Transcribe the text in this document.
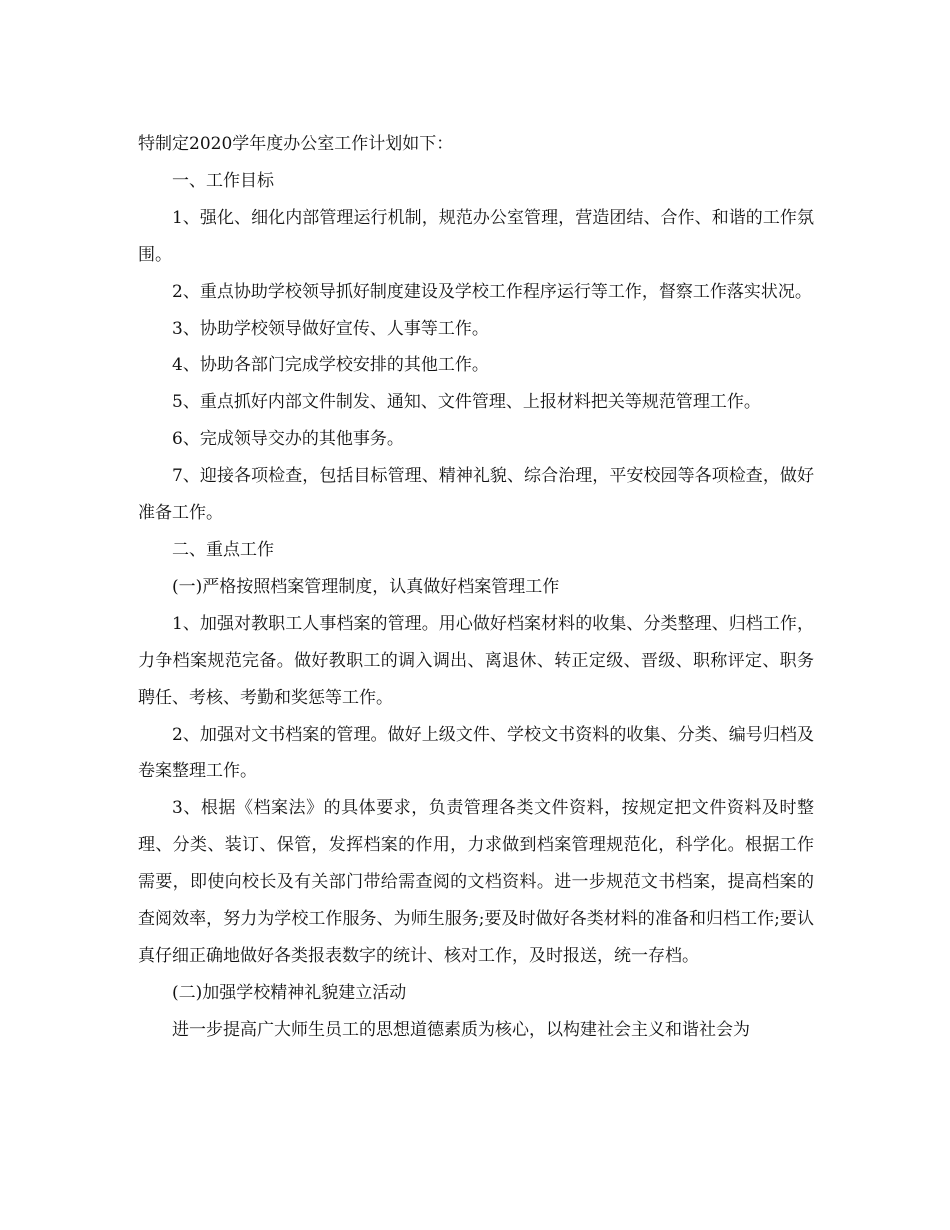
特制定2020学年度办公室工作计划如下：

一、工作目标

1、强化、细化内部管理运行机制，规范办公室管理，营造团结、合作、和谐的工作氛围。

2、重点协助学校领导抓好制度建设及学校工作程序运行等工作，督察工作落实状况。

3、协助学校领导做好宣传、人事等工作。

4、协助各部门完成学校安排的其他工作。

5、重点抓好内部文件制发、通知、文件管理、上报材料把关等规范管理工作。

6、完成领导交办的其他事务。

7、迎接各项检查，包括目标管理、精神礼貌、综合治理，平安校园等各项检查，做好准备工作。

二、重点工作

(一)严格按照档案管理制度，认真做好档案管理工作

1、加强对教职工人事档案的管理。用心做好档案材料的收集、分类整理、归档工作，力争档案规范完备。做好教职工的调入调出、离退休、转正定级、晋级、职称评定、职务聘任、考核、考勤和奖惩等工作。

2、加强对文书档案的管理。做好上级文件、学校文书资料的收集、分类、编号归档及卷案整理工作。

3、根据《档案法》的具体要求，负责管理各类文件资料，按规定把文件资料及时整理、分类、装订、保管，发挥档案的作用，力求做到档案管理规范化，科学化。根据工作需要，即使向校长及有关部门带给需查阅的文档资料。进一步规范文书档案，提高档案的查阅效率，努力为学校工作服务、为师生服务;要及时做好各类材料的准备和归档工作;要认真仔细正确地做好各类报表数字的统计、核对工作，及时报送，统一存档。

(二)加强学校精神礼貌建立活动

进一步提高广大师生员工的思想道德素质为核心，以构建社会主义和谐社会为
